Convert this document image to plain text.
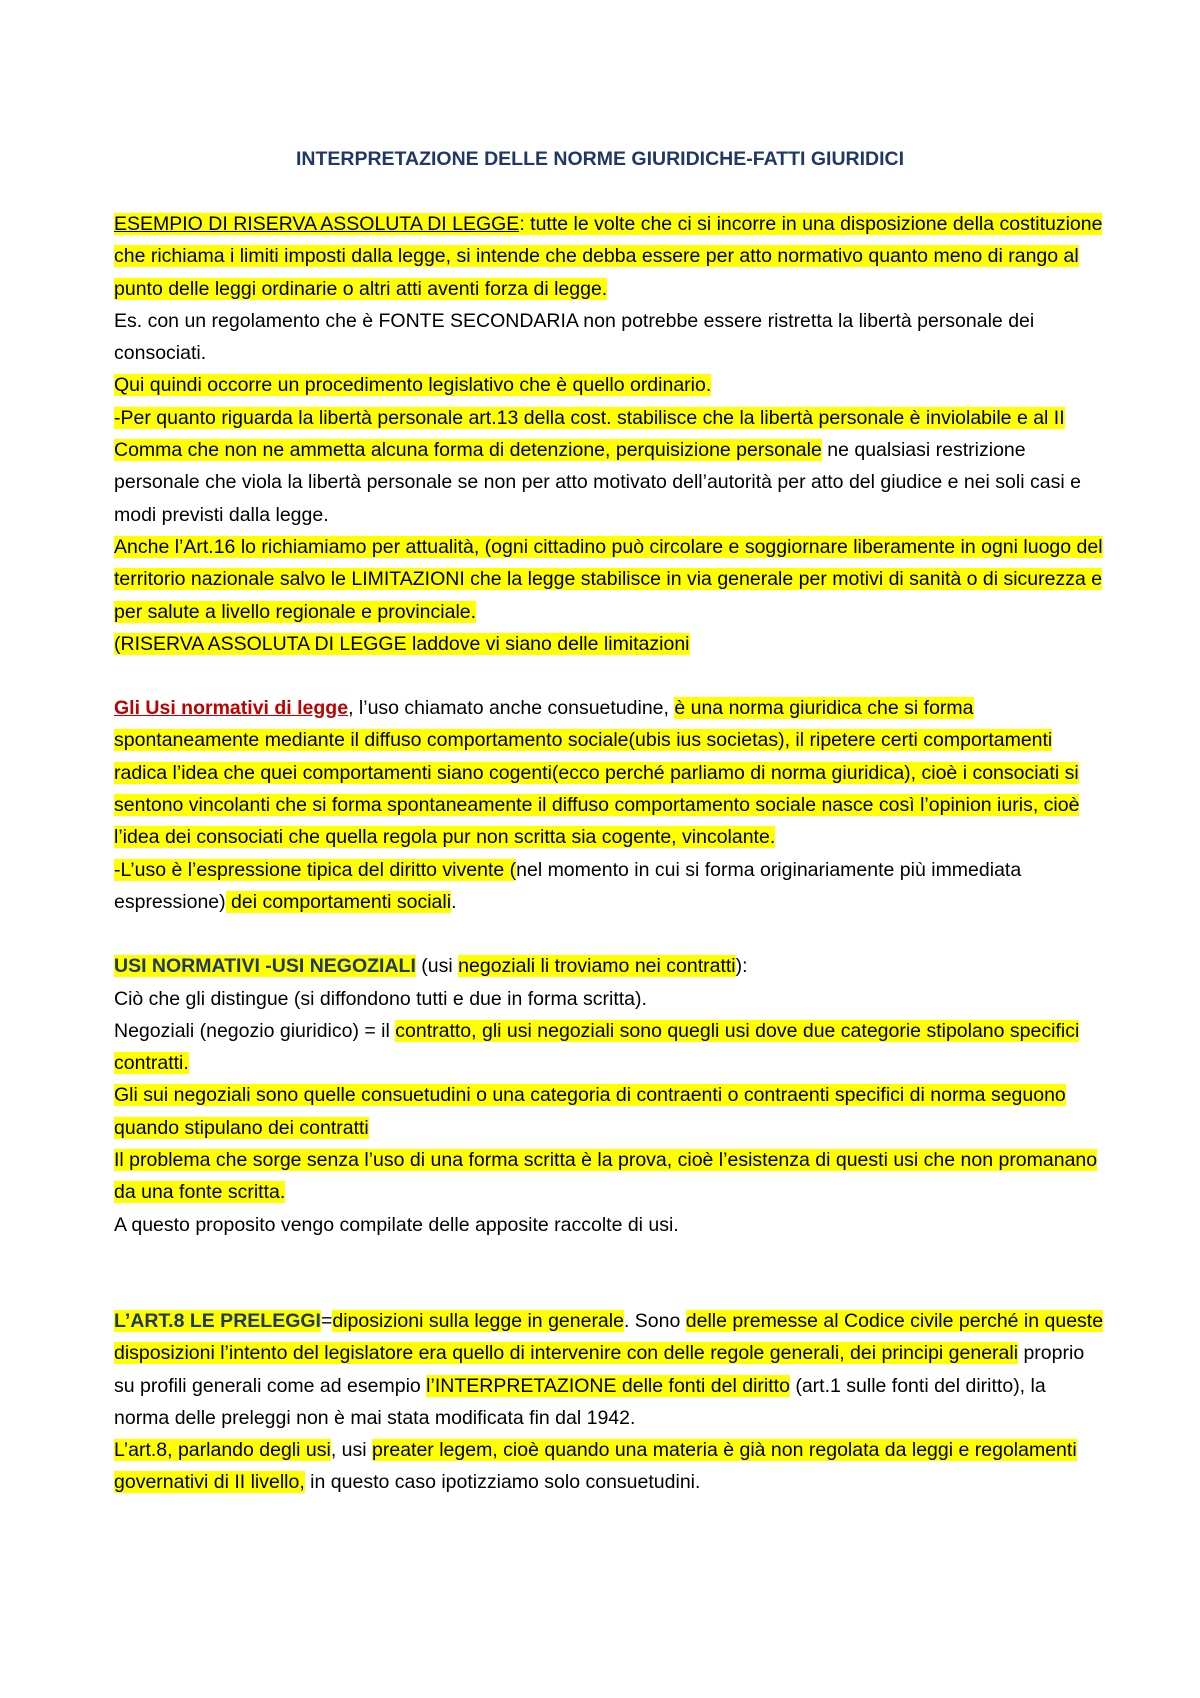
INTERPRETAZIONE DELLE NORME GIURIDICHE-FATTI GIURIDICI

ESEMPIO DI RISERVA ASSOLUTA DI LEGGE: tutte le volte che ci si incorre in una disposizione della costituzione che richiama i limiti imposti dalla legge, si intende che debba essere per atto normativo quanto meno di rango al punto delle leggi ordinarie o altri atti aventi forza di legge.

Es. con un regolamento che è FONTE SECONDARIA non potrebbe essere ristretta la libertà personale dei consociati.

Qui quindi occorre un procedimento legislativo che è quello ordinario.

-Per quanto riguarda la libertà personale art.13 della cost. stabilisce che la libertà personale è inviolabile e al II Comma che non ne ammetta alcuna forma di detenzione, perquisizione personale ne qualsiasi restrizione personale che viola la libertà personale se non per atto motivato dell’autorità per atto del giudice e nei soli casi e modi previsti dalla legge.

Anche l’Art.16 lo richiamiamo per attualità, (ogni cittadino può circolare e soggiornare liberamente in ogni luogo del territorio nazionale salvo le LIMITAZIONI che la legge stabilisce in via generale per motivi di sanità o di sicurezza e per salute a livello regionale e provinciale.

(RISERVA ASSOLUTA DI LEGGE laddove vi siano delle limitazioni

Gli Usi normativi di legge, l’uso chiamato anche consuetudine, è una norma giuridica che si forma spontaneamente mediante il diffuso comportamento sociale(ubis ius societas), il ripetere certi comportamenti radica l’idea che quei comportamenti siano cogenti(ecco perché parliamo di norma giuridica), cioè i consociati si sentono vincolanti che si forma spontaneamente il diffuso comportamento sociale nasce così l’opinion iuris, cioè l’idea dei consociati che quella regola pur non scritta sia cogente, vincolante.

-L’uso è l’espressione tipica del diritto vivente (nel momento in cui si forma originariamente più immediata espressione) dei comportamenti sociali.

USI NORMATIVI -USI NEGOZIALI (usi negoziali li troviamo nei contratti):

Ciò che gli distingue (si diffondono tutti e due in forma scritta).

Negoziali (negozio giuridico) = il contratto, gli usi negoziali sono quegli usi dove due categorie stipolano specifici contratti.

Gli sui negoziali sono quelle consuetudini o una categoria di contraenti o contraenti specifici di norma seguono quando stipulano dei contratti

Il problema che sorge senza l’uso di una forma scritta è la prova, cioè l’esistenza di questi usi che non promanano da una fonte scritta.

A questo proposito vengo compilate delle apposite raccolte di usi.

L’ART.8 LE PRELEGGI=diposizioni sulla legge in generale. Sono delle premesse al Codice civile perché in queste disposizioni l’intento del legislatore era quello di intervenire con delle regole generali, dei principi generali proprio su profili generali come ad esempio l’INTERPRETAZIONE delle fonti del diritto (art.1 sulle fonti del diritto), la norma delle preleggi non è mai stata modificata fin dal 1942.

L’art.8, parlando degli usi, usi preater legem, cioè quando una materia è già non regolata da leggi e regolamenti governativi di II livello, in questo caso ipotizziamo solo consuetudini.
